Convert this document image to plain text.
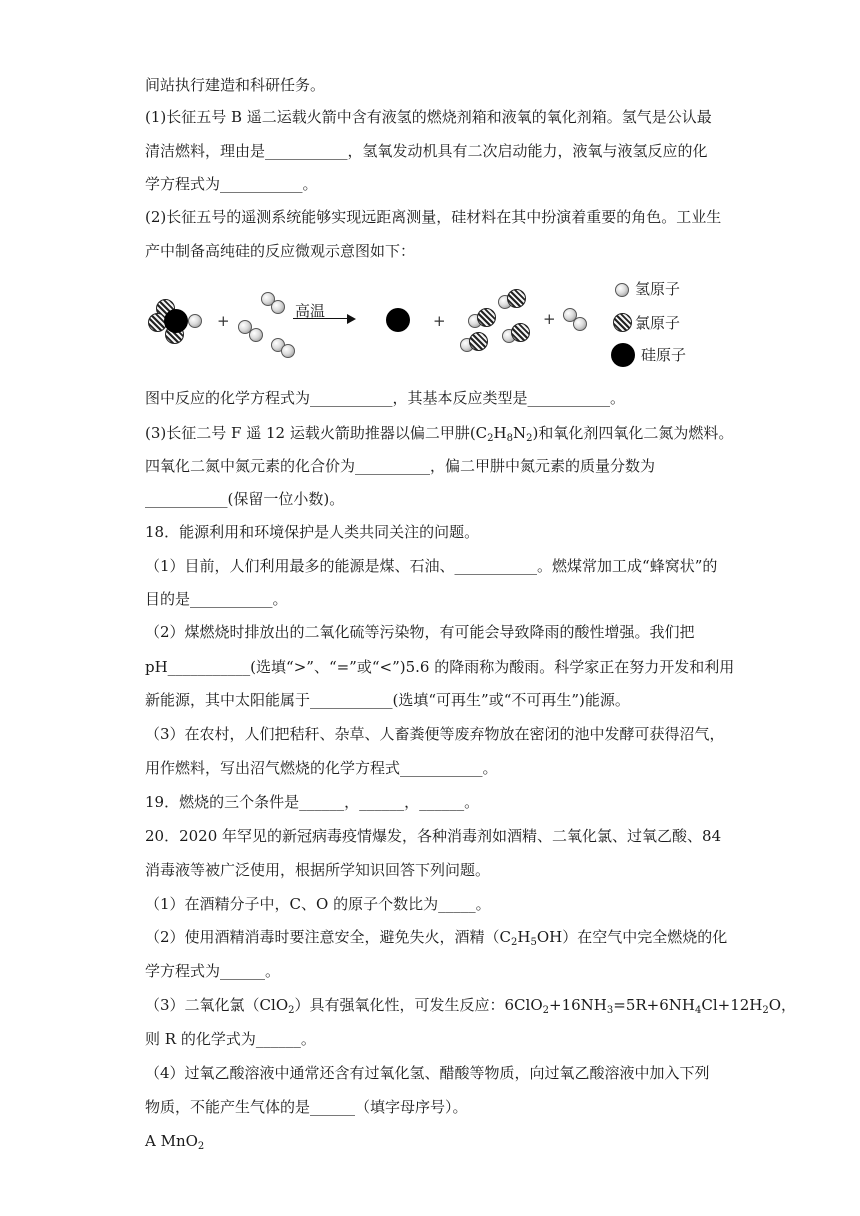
间站执行建造和科研任务。
(1)长征五号 B 遥二运载火箭中含有液氢的燃烧剂箱和液氧的氧化剂箱。氢气是公认最
清洁燃料，理由是___________，氢氧发动机具有二次启动能力，液氧与液氢反应的化
学方程式为___________。
(2)长征五号的遥测系统能够实现远距离测量，硅材料在其中扮演着重要的角色。工业生
产中制备高纯硅的反应微观示意图如下：
+
高温
+	+
氢原子
氯原子
硅原子
图中反应的化学方程式为___________，其基本反应类型是___________。
(3)长征二号 F 遥 12 运载火箭助推器以偏二甲肼$(C_2H_8N_2)$和氧化剂四氧化二氮为燃料。
四氧化二氮中氮元素的化合价为__________，偏二甲肼中氮元素的质量分数为
___________(保留一位小数)。
18．能源利用和环境保护是人类共同关注的问题。
（1）目前，人们利用最多的能源是煤、石油、___________。燃煤常加工成“蜂窝状”的
目的是___________。
（2）煤燃烧时排放出的二氧化硫等污染物，有可能会导致降雨的酸性增强。我们把
pH___________(选填“>”、“=”或“<”)5.6 的降雨称为酸雨。科学家正在努力开发和利用
新能源，其中太阳能属于___________(选填“可再生”或“不可再生”)能源。
（3）在农村，人们把秸秆、杂草、人畜粪便等废弃物放在密闭的池中发酵可获得沼气，
用作燃料，写出沼气燃烧的化学方程式___________。
19．燃烧的三个条件是______，______，______。
20．2020 年罕见的新冠病毒疫情爆发，各种消毒剂如酒精、二氧化氯、过氧乙酸、84
消毒液等被广泛使用，根据所学知识回答下列问题。
（1）在酒精分子中，C、O 的原子个数比为_____。
（2）使用酒精消毒时要注意安全，避免失火，酒精$(C_2H_5OH)$在空气中完全燃烧的化
学方程式为______。
（3）二氧化氯（ClO$_2$）具有强氧化性，可发生反应：$6ClO_2+16NH_3=5R+6NH_4Cl+12H_2O$，
则 R 的化学式为______。
（4）过氧乙酸溶液中通常还含有过氧化氢、醋酸等物质，向过氧乙酸溶液中加入下列
物质，不能产生气体的是______（填字母序号）。
A MnO$_2$
